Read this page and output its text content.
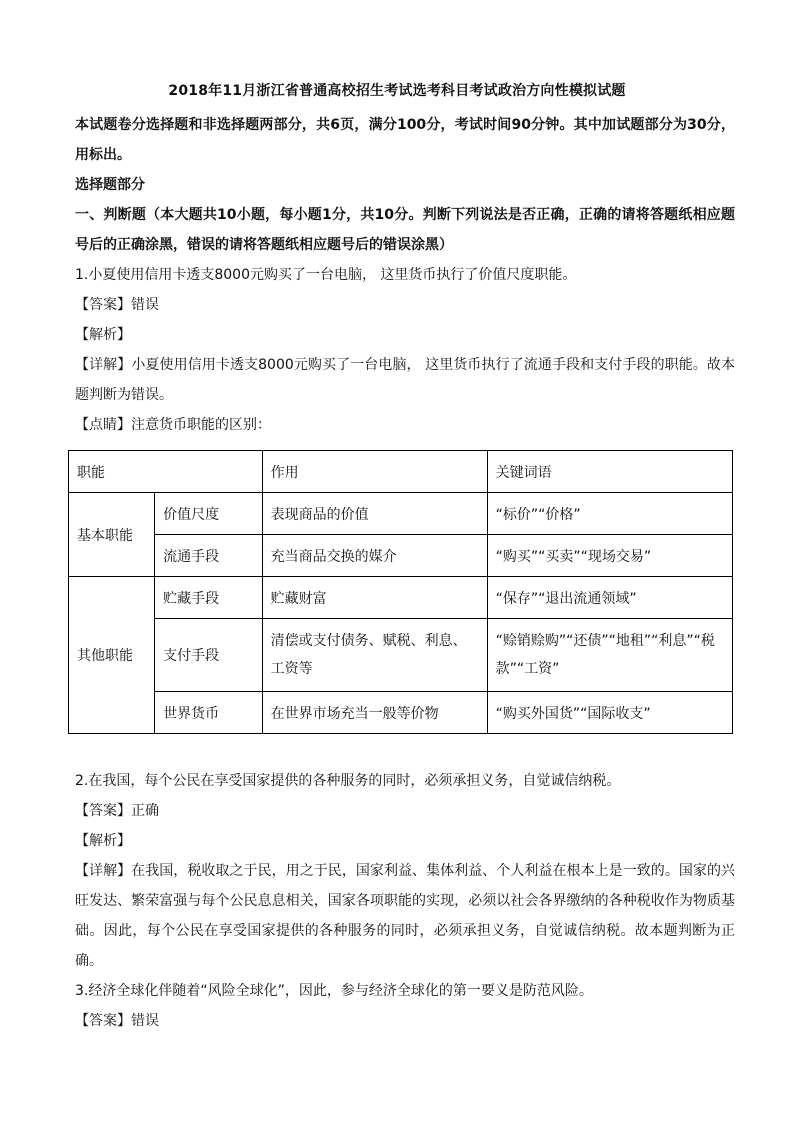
2018年11月浙江省普通高校招生考试选考科目考试政治方向性模拟试题

本试题卷分选择题和非选择题两部分，共6页，满分100分，考试时间90分钟。其中加试题部分为30分，用标出。

选择题部分

一、判断题（本大题共10小题，每小题1分，共10分。判断下列说法是否正确，正确的请将答题纸相应题号后的正确涂黑，错误的请将答题纸相应题号后的错误涂黑）

1.小夏使用信用卡透支8000元购买了一台电脑， 这里货币执行了价值尺度职能。

【答案】错误

【解析】

【详解】小夏使用信用卡透支8000元购买了一台电脑， 这里货币执行了流通手段和支付手段的职能。故本题判断为错误。

【点睛】注意货币职能的区别：

职能		作用	关键词语
基本职能	价值尺度	表现商品的价值	“标价”“价格”
	流通手段	充当商品交换的媒介	“购买”“买卖”“现场交易”
其他职能	贮藏手段	贮藏财富	“保存”“退出流通领域”
	支付手段	清偿或支付债务、赋税、利息、工资等	“赊销赊购”“还债”“地租”“利息”“税款”“工资”
	世界货币	在世界市场充当一般等价物	“购买外国货”“国际收支”

2.在我国，每个公民在享受国家提供的各种服务的同时，必须承担义务，自觉诚信纳税。

【答案】正确

【解析】

【详解】在我国，税收取之于民，用之于民，国家利益、集体利益、个人利益在根本上是一致的。国家的兴旺发达、繁荣富强与每个公民息息相关，国家各项职能的实现，必须以社会各界缴纳的各种税收作为物质基础。因此，每个公民在享受国家提供的各种服务的同时，必须承担义务，自觉诚信纳税。故本题判断为正确。

3.经济全球化伴随着“风险全球化”，因此，参与经济全球化的第一要义是防范风险。

【答案】错误
